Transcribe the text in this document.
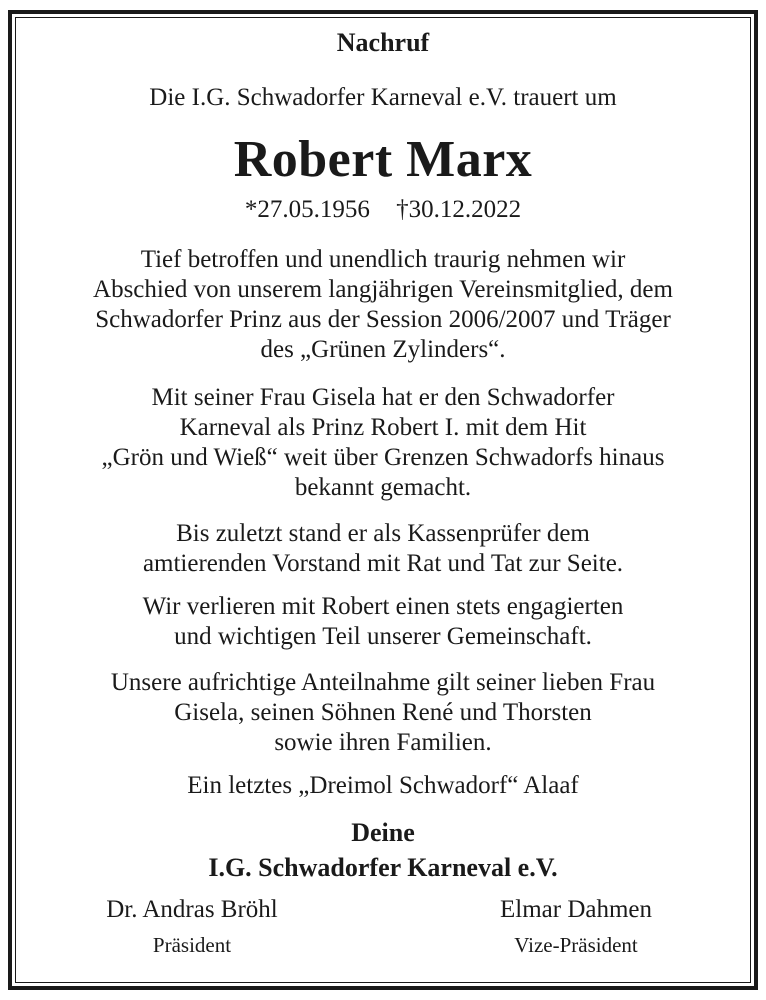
Nachruf
Die I.G. Schwadorfer Karneval e.V. trauert um
Robert Marx
*27.05.1956 †30.12.2022
Tief betroffen und unendlich traurig nehmen wir
Abschied von unserem langjährigen Vereinsmitglied, dem
Schwadorfer Prinz aus der Session 2006/2007 und Träger
des „Grünen Zylinders“.
Mit seiner Frau Gisela hat er den Schwadorfer
Karneval als Prinz Robert I. mit dem Hit
„Grön und Wieß“ weit über Grenzen Schwadorfs hinaus
bekannt gemacht.
Bis zuletzt stand er als Kassenprüfer dem
amtierenden Vorstand mit Rat und Tat zur Seite.
Wir verlieren mit Robert einen stets engagierten
und wichtigen Teil unserer Gemeinschaft.
Unsere aufrichtige Anteilnahme gilt seiner lieben Frau
Gisela, seinen Söhnen René und Thorsten
sowie ihren Familien.
Ein letztes „Dreimol Schwadorf“ Alaaf
Deine
I.G. Schwadorfer Karneval e.V.
Dr. Andras Bröhl
Präsident
Elmar Dahmen
Vize-Präsident
